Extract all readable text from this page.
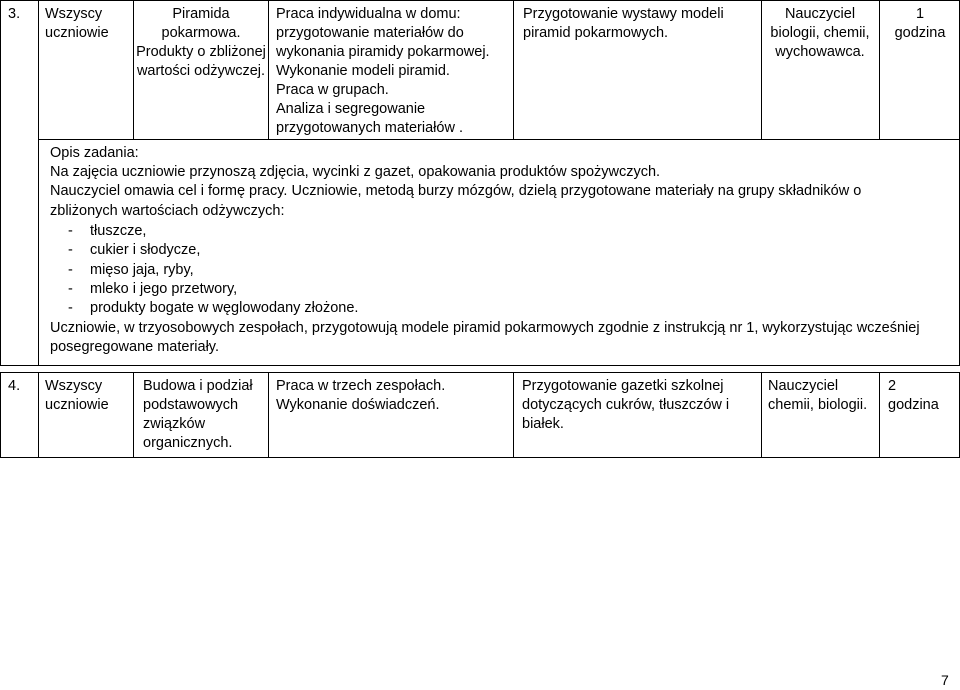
3. Wszyscy uczniowie
Piramida pokarmowa. Produkty o zbliżonej wartości odżywczej.
Praca indywidualna w domu:
przygotowanie materiałów do
wykonania piramidy pokarmowej.
Wykonanie modeli piramid.
Praca w grupach.
Analiza i segregowanie
przygotowanych materiałów .
Przygotowanie wystawy modeli piramid pokarmowych.
Nauczyciel biologii, chemii, wychowawca.
1
godzina
Opis zadania:
Na zajęcia uczniowie przynoszą zdjęcia, wycinki z gazet, opakowania produktów spożywczych.
Nauczyciel omawia cel i formę pracy. Uczniowie, metodą burzy mózgów, dzielą przygotowane materiały na grupy składników o
zbliżonych wartościach odżywczych:
- tłuszcze,
- cukier i słodycze,
- mięso jaja, ryby,
- mleko i jego przetwory,
- produkty bogate w węglowodany złożone.
Uczniowie, w trzyosobowych zespołach, przygotowują modele piramid pokarmowych zgodnie z instrukcją nr 1, wykorzystując wcześniej
posegregowane materiały.
4. Wszyscy uczniowie
Budowa i podział podstawowych związków organicznych.
Praca w trzech zespołach. Wykonanie doświadczeń.
Przygotowanie gazetki szkolnej dotyczących cukrów, tłuszczów i białek.
Nauczyciel chemii, biologii.
2
godzina
7
